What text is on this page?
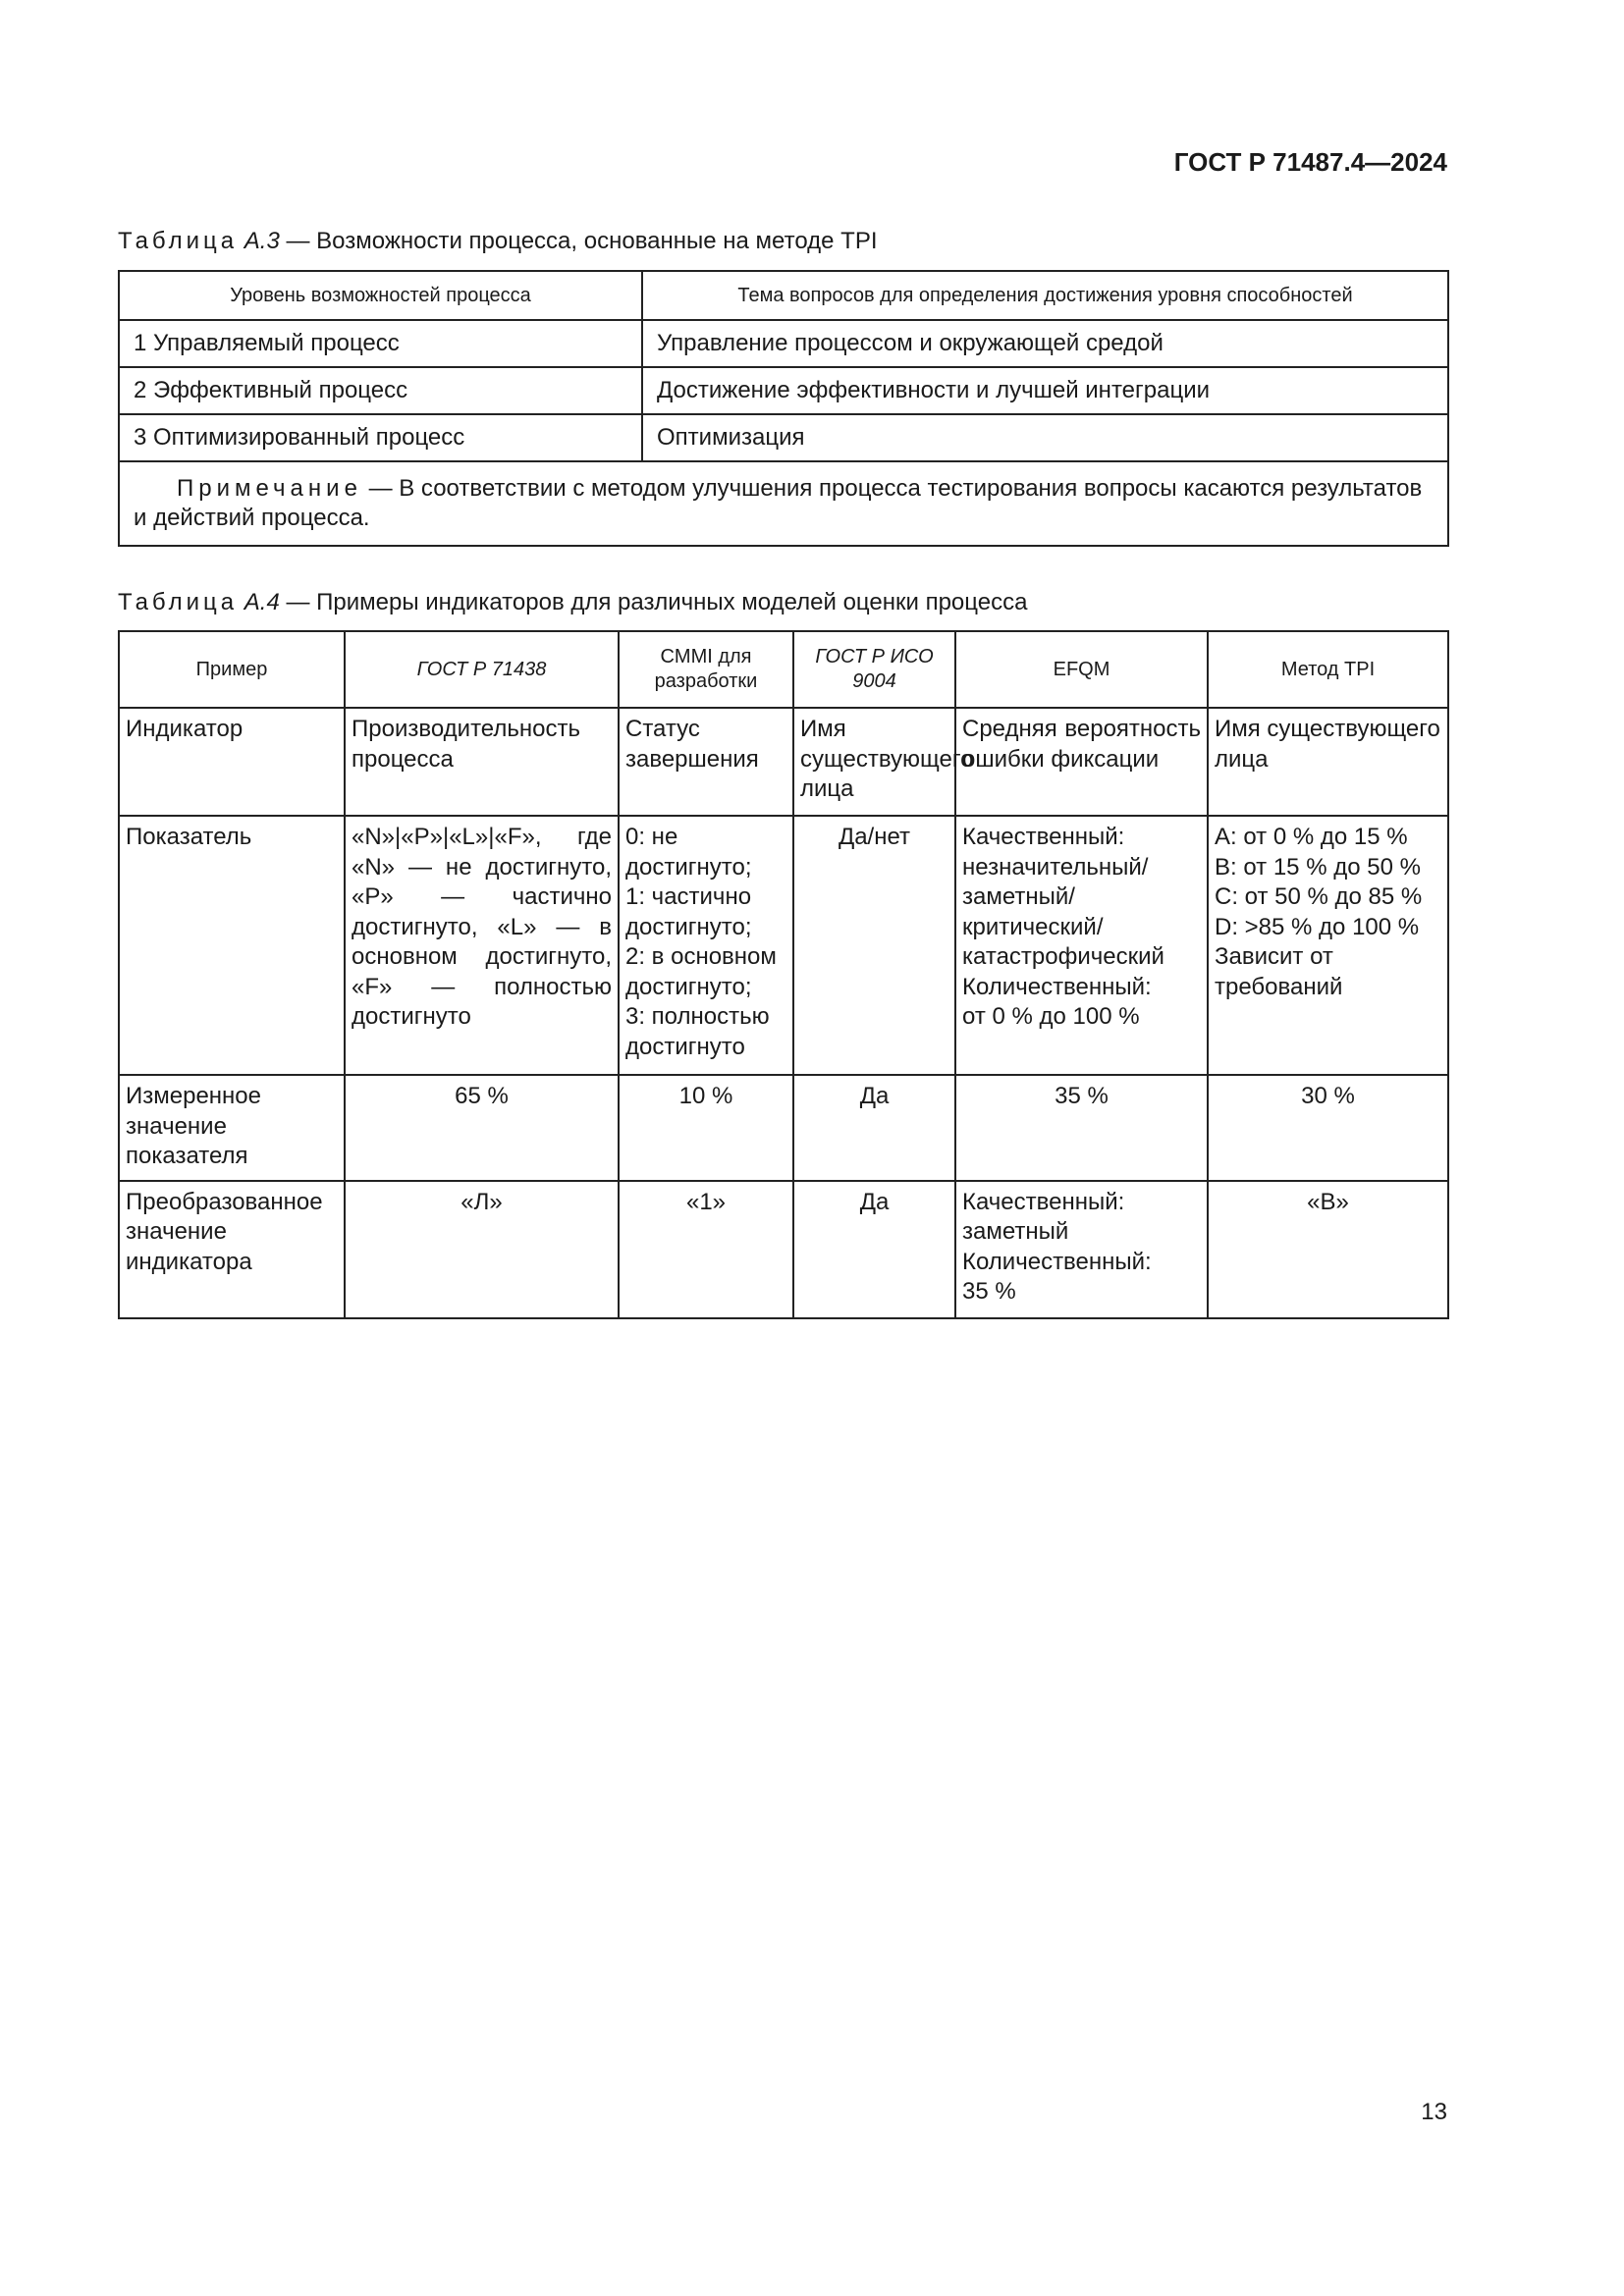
ГОСТ Р 71487.4—2024
Таблица А.3 — Возможности процесса, основанные на методе TPI
Уровень возможностей процесса	Тема вопросов для определения достижения уровня способностей
1 Управляемый процесс	Управление процессом и окружающей средой
2 Эффективный процесс	Достижение эффективности и лучшей интеграции
3 Оптимизированный процесс	Оптимизация
Примечание — В соответствии с методом улучшения процесса тестирования вопросы касаются результатов и действий процесса.	
Таблица А.4 — Примеры индикаторов для различных моделей оценки процесса
Пример	ГОСТ Р 71438	CMMI для разработки	ГОСТ Р ИСО 9004	EFQM	Метод TPI
Индикатор	Производительность процесса	Статус завершения	Имя существующего лица	Средняя вероятность ошибки фиксации	Имя существующего лица
Показатель	«N»|«P»|«L»|«F», где «N» — не достигнуто, «P» — частично достигнуто, «L» — в основном достигнуто, «F» — полностью достигнуто	0: не достигнуто;
1: частично достигнуто;
2: в основном достигнуто;
3: полностью достигнуто	Да/нет	Качественный: незначительный/заметный/критический/катастрофический
Количественный:
от 0 % до 100 %	A: от 0 % до 15 %
B: от 15 % до 50 %
C: от 50 % до 85 %
D: >85 % до 100 %
Зависит от требований
Измеренное значение показателя	65 %	10 %	Да	35 %	30 %
Преобразованное значение индикатора	«Л»	«1»	Да	Качественный: заметный
Количественный:
35 %	«B»
13
